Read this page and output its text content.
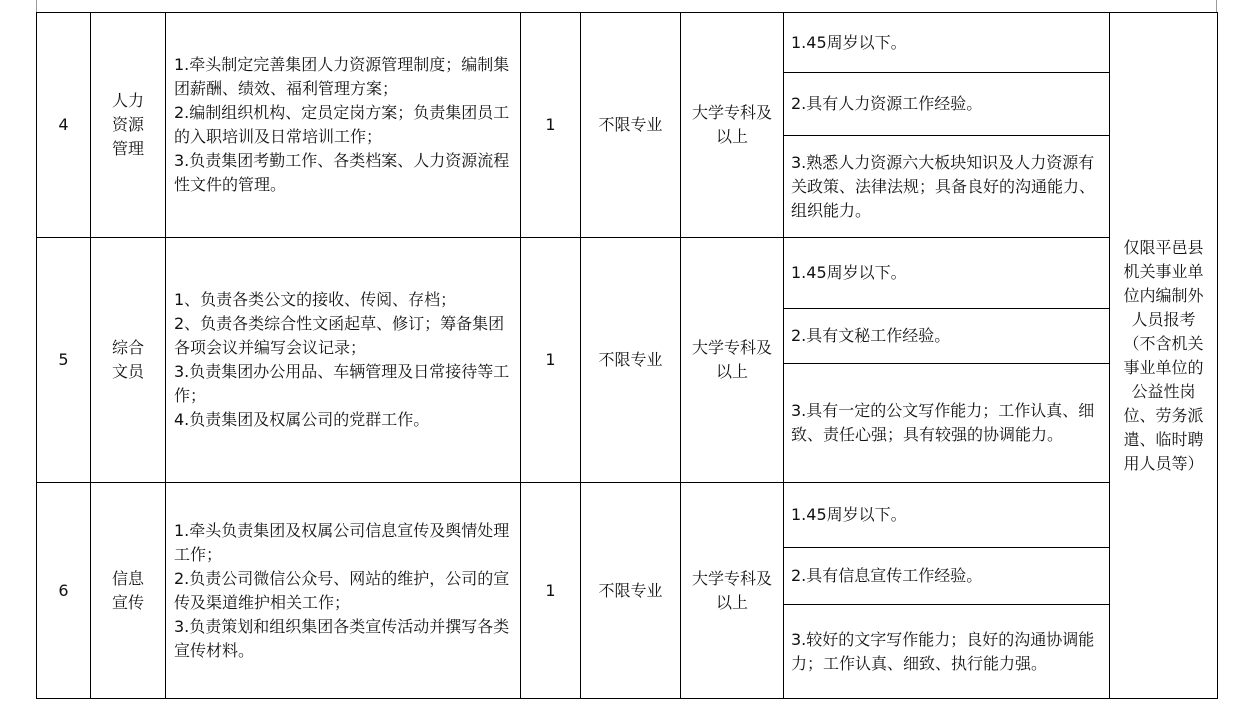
4	人力资源管理	1.牵头制定完善集团人力资源管理制度；编制集团薪酬、绩效、福利管理方案；
2.编制组织机构、定员定岗方案；负责集团员工的入职培训及日常培训工作；
3.负责集团考勤工作、各类档案、人力资源流程性文件的管理。	1	不限专业	大学专科及以上	1.45周岁以下。	仅限平邑县机关事业单位内编制外人员报考（不含机关事业单位的公益性岗位、劳务派遣、临时聘用人员等）
						2.具有人力资源工作经验。	
						3.熟悉人力资源六大板块知识及人力资源有关政策、法律法规；具备良好的沟通能力、组织能力。	
5	综合文员	1、负责各类公文的接收、传阅、存档；
2、负责各类综合性文函起草、修订；筹备集团各项会议并编写会议记录；
3.负责集团办公用品、车辆管理及日常接待等工作；
4.负责集团及权属公司的党群工作。	1	不限专业	大学专科及以上	1.45周岁以下。	
						2.具有文秘工作经验。	
						3.具有一定的公文写作能力；工作认真、细致、责任心强；具有较强的协调能力。	
6	信息宣传	1.牵头负责集团及权属公司信息宣传及舆情处理工作；
2.负责公司微信公众号、网站的维护，公司的宣传及渠道维护相关工作；
3.负责策划和组织集团各类宣传活动并撰写各类宣传材料。	1	不限专业	大学专科及以上	1.45周岁以下。	
						2.具有信息宣传工作经验。	
						3.较好的文字写作能力；良好的沟通协调能力；工作认真、细致、执行能力强。	
